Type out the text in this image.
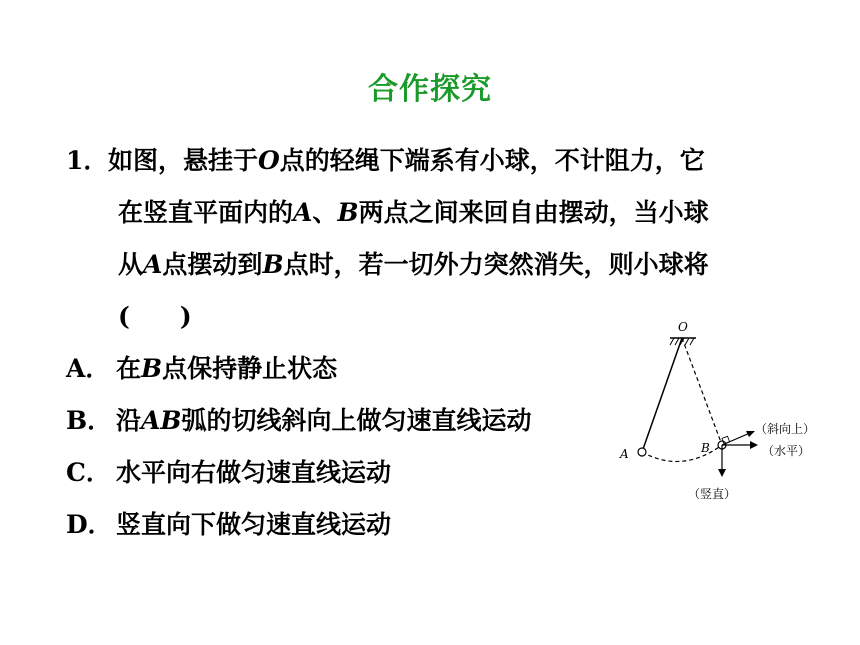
合作探究
1． 如图，悬挂于O点的轻绳下端系有小球，不计阻力，它
在竖直平面内的A、B两点之间来回自由摆动，当小球
从A点摆动到B点时，若一切外力突然消失，则小球将
(　　)
A． 在B点保持静止状态
B． 沿AB弧的切线斜向上做匀速直线运动
C． 水平向右做匀速直线运动
D． 竖直向下做匀速直线运动
O
A	B
（斜向上）
（水平）
（竖直）
